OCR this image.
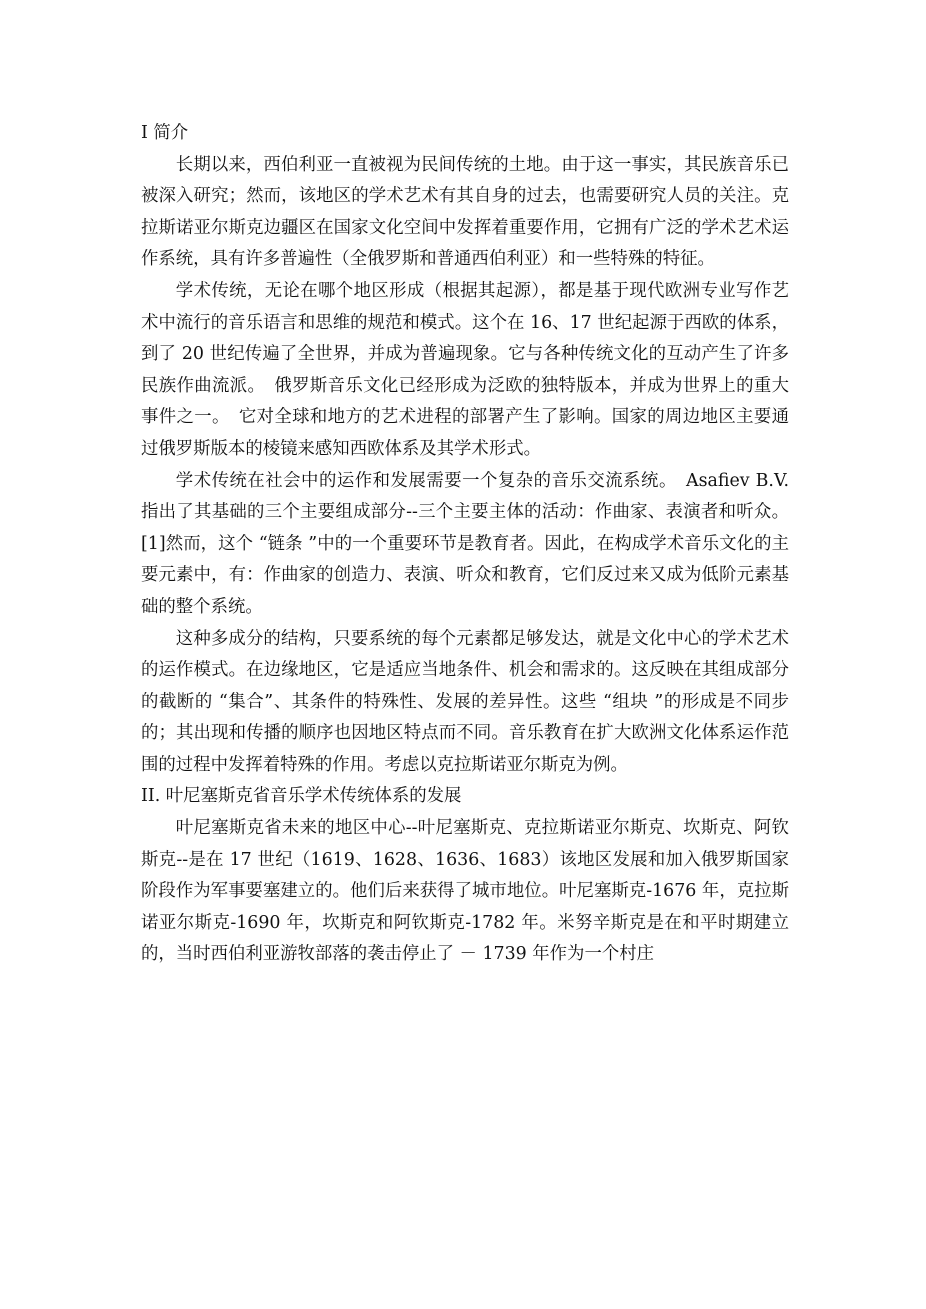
I 简介

长期以来，西伯利亚一直被视为民间传统的土地。由于这一事实，其民族音乐已被深入研究；然而，该地区的学术艺术有其自身的过去，也需要研究人员的关注。克拉斯诺亚尔斯克边疆区在国家文化空间中发挥着重要作用，它拥有广泛的学术艺术运作系统，具有许多普遍性（全俄罗斯和普通西伯利亚）和一些特殊的特征。

学术传统，无论在哪个地区形成（根据其起源），都是基于现代欧洲专业写作艺术中流行的音乐语言和思维的规范和模式。这个在 16、17 世纪起源于西欧的体系，到了 20 世纪传遍了全世界，并成为普遍现象。它与各种传统文化的互动产生了许多民族作曲流派。　俄罗斯音乐文化已经形成为泛欧的独特版本，并成为世界上的重大事件之一。　它对全球和地方的艺术进程的部署产生了影响。国家的周边地区主要通过俄罗斯版本的棱镜来感知西欧体系及其学术形式。

学术传统在社会中的运作和发展需要一个复杂的音乐交流系统。　Asafiev B.V.指出了其基础的三个主要组成部分--三个主要主体的活动：作曲家、表演者和听众。[1]然而，这个 “链条 ”中的一个重要环节是教育者。因此，在构成学术音乐文化的主要元素中，有：作曲家的创造力、表演、听众和教育，它们反过来又成为低阶元素基础的整个系统。

这种多成分的结构，只要系统的每个元素都足够发达，就是文化中心的学术艺术的运作模式。在边缘地区，它是适应当地条件、机会和需求的。这反映在其组成部分的截断的 “集合”、其条件的特殊性、发展的差异性。这些 “组块 ”的形成是不同步的；其出现和传播的顺序也因地区特点而不同。音乐教育在扩大欧洲文化体系运作范围的过程中发挥着特殊的作用。考虑以克拉斯诺亚尔斯克为例。

II. 叶尼塞斯克省音乐学术传统体系的发展

叶尼塞斯克省未来的地区中心--叶尼塞斯克、克拉斯诺亚尔斯克、坎斯克、阿钦斯克--是在 17 世纪（1619、1628、1636、1683）该地区发展和加入俄罗斯国家阶段作为军事要塞建立的。他们后来获得了城市地位。叶尼塞斯克-1676 年，克拉斯诺亚尔斯克-1690 年，坎斯克和阿钦斯克-1782 年。米努辛斯克是在和平时期建立的，当时西伯利亚游牧部落的袭击停止了 － 1739 年作为一个村庄
